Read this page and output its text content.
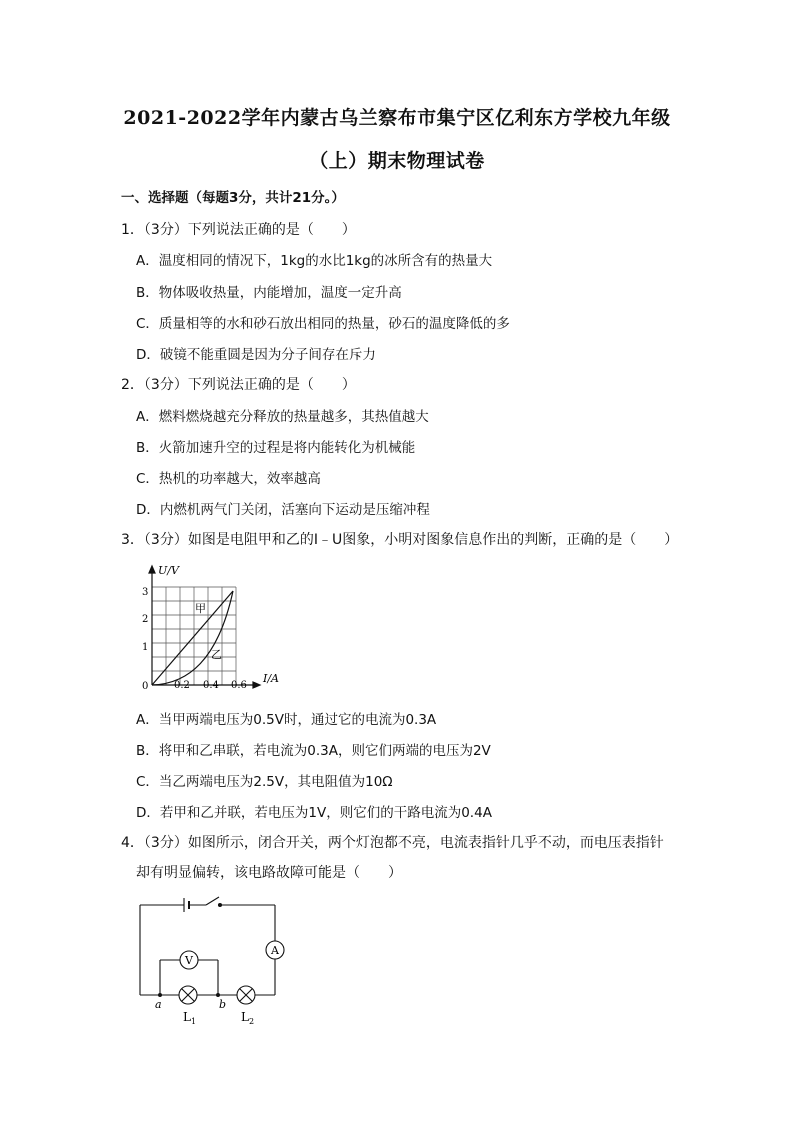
2021-2022学年内蒙古乌兰察布市集宁区亿利东方学校九年级
（上）期末物理试卷
一、选择题（每题3分，共计21分。）
1．（3分）下列说法正确的是（　　）
A．温度相同的情况下，1kg的水比1kg的冰所含有的热量大
B．物体吸收热量，内能增加，温度一定升高
C．质量相等的水和砂石放出相同的热量，砂石的温度降低的多
D．破镜不能重圆是因为分子间存在斥力
2．（3分）下列说法正确的是（　　）
A．燃料燃烧越充分释放的热量越多，其热值越大
B．火箭加速升空的过程是将内能转化为机械能
C．热机的功率越大，效率越高
D．内燃机两气门关闭，活塞向下运动是压缩冲程
3．（3分）如图是电阻甲和乙的I﹣U图象，小明对图象信息作出的判断，正确的是（　　）
U/V
I/A
0	0.2 0.4 0.6
1
2
3
甲
乙
A．当甲两端电压为0.5V时，通过它的电流为0.3A
B．将甲和乙串联，若电流为0.3A，则它们两端的电压为2V
C．当乙两端电压为2.5V，其电阻值为10Ω
D．若甲和乙并联，若电压为1V，则它们的干路电流为0.4A
4．（3分）如图所示，闭合开关，两个灯泡都不亮，电流表指针几乎不动，而电压表指针
却有明显偏转，该电路故障可能是（　　）
A
V
a	b
$L_1$	$L_2$
